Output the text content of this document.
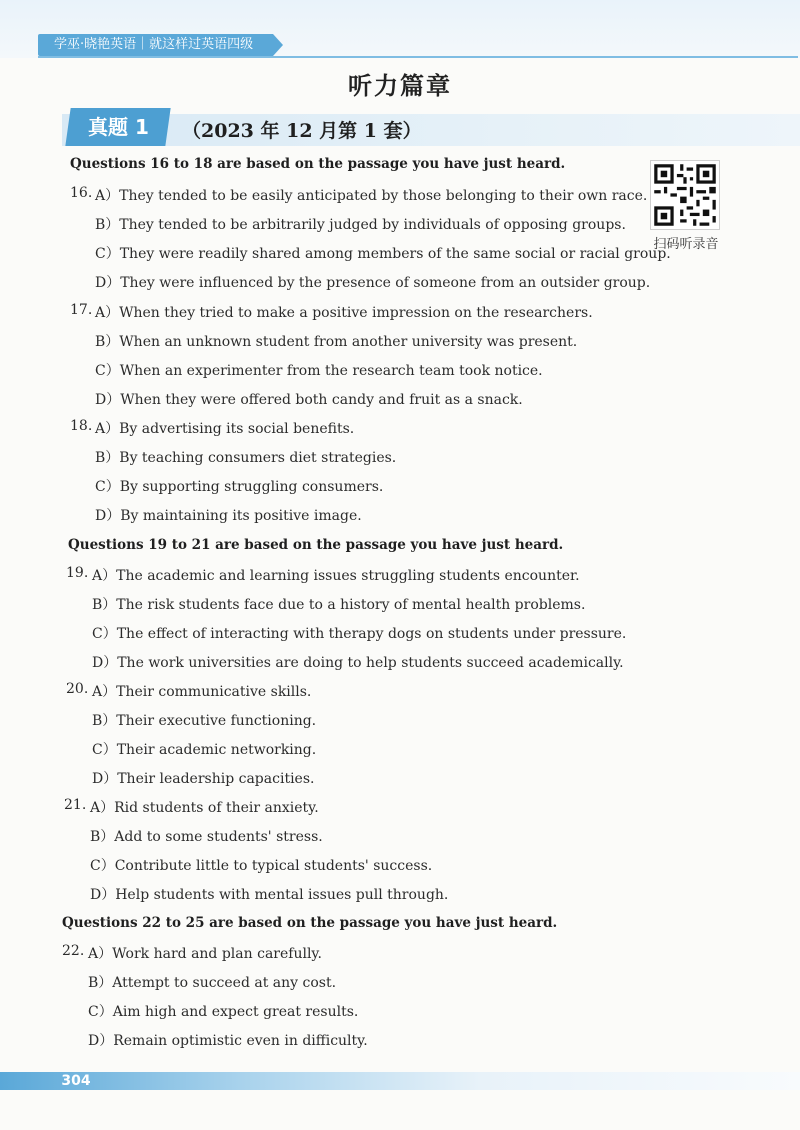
学巫·晓艳英语｜就这样过英语四级
听力篇章
真题 1	（2023 年 12 月第 1 套）
扫码听录音
Questions 16 to 18 are based on the passage you have just heard.
16. A）They tended to be easily anticipated by those belonging to their own race.
B）They tended to be arbitrarily judged by individuals of opposing groups.
C）They were readily shared among members of the same social or racial group.
D）They were influenced by the presence of someone from an outsider group.
17. A）When they tried to make a positive impression on the researchers.
B）When an unknown student from another university was present.
C）When an experimenter from the research team took notice.
D）When they were offered both candy and fruit as a snack.
18. A）By advertising its social benefits.
B）By teaching consumers diet strategies.
C）By supporting struggling consumers.
D）By maintaining its positive image.
Questions 19 to 21 are based on the passage you have just heard.
19. A）The academic and learning issues struggling students encounter.
B）The risk students face due to a history of mental health problems.
C）The effect of interacting with therapy dogs on students under pressure.
D）The work universities are doing to help students succeed academically.
20. A）Their communicative skills.
B）Their executive functioning.
C）Their academic networking.
D）Their leadership capacities.
21. A）Rid students of their anxiety.
B）Add to some students' stress.
C）Contribute little to typical students' success.
D）Help students with mental issues pull through.
Questions 22 to 25 are based on the passage you have just heard.
22. A）Work hard and plan carefully.
B）Attempt to succeed at any cost.
C）Aim high and expect great results.
D）Remain optimistic even in difficulty.
304
